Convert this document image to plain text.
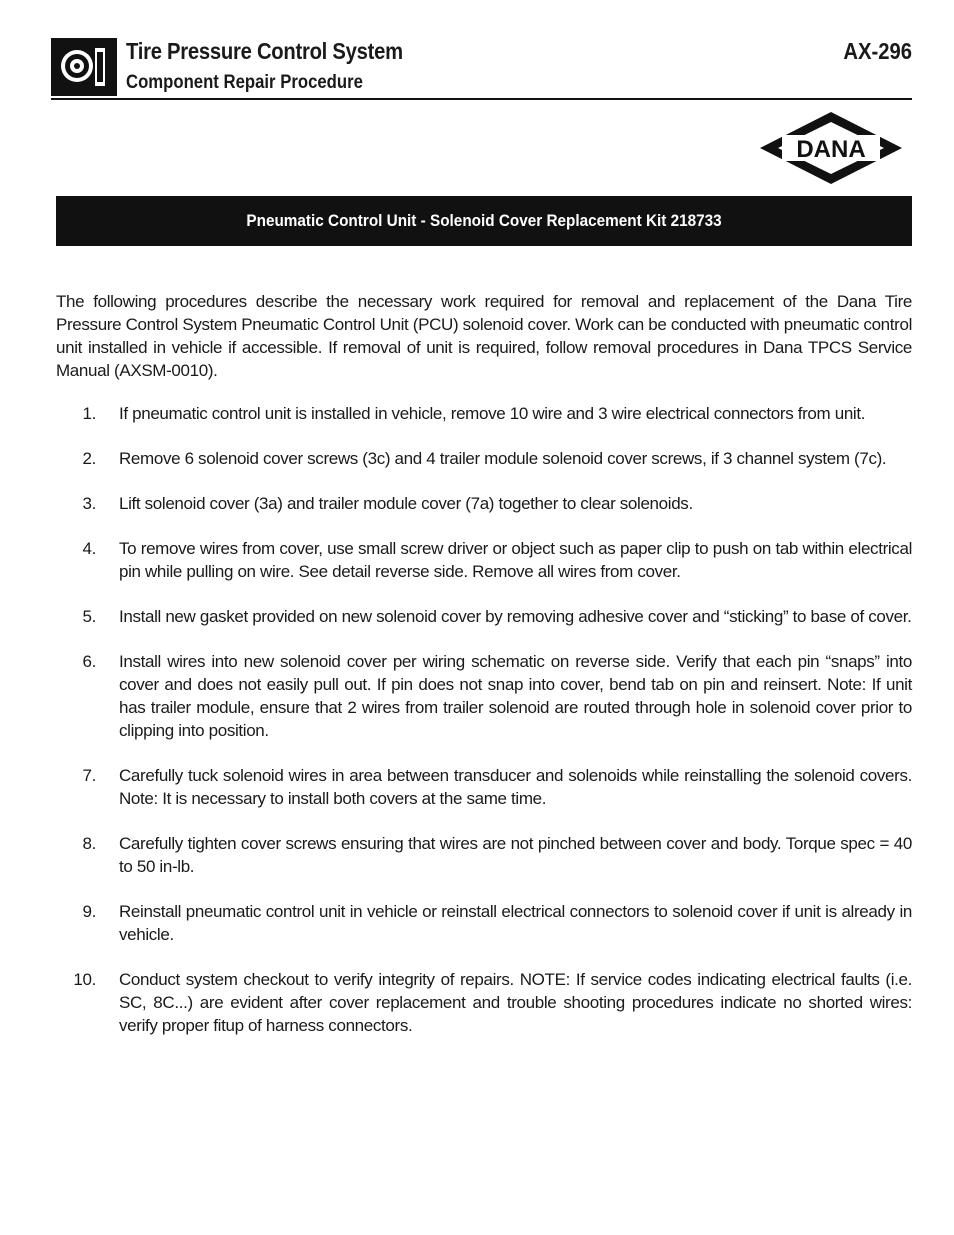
Tire Pressure Control System
Component Repair Procedure
AX-296
DANA
Pneumatic Control Unit - Solenoid Cover Replacement Kit 218733

The following procedures describe the necessary work required for removal and replacement of the Dana Tire Pressure Control System Pneumatic Control Unit (PCU) solenoid cover. Work can be conducted with pneumatic control unit installed in vehicle if accessible. If removal of unit is required, follow removal procedures in Dana TPCS Service Manual (AXSM-0010).

1. If pneumatic control unit is installed in vehicle, remove 10 wire and 3 wire electrical connectors from unit.
2. Remove 6 solenoid cover screws (3c) and 4 trailer module solenoid cover screws, if 3 channel system (7c).
3. Lift solenoid cover (3a) and trailer module cover (7a) together to clear solenoids.
4. To remove wires from cover, use small screw driver or object such as paper clip to push on tab within electrical pin while pulling on wire. See detail reverse side. Remove all wires from cover.
5. Install new gasket provided on new solenoid cover by removing adhesive cover and “sticking” to base of cover.
6. Install wires into new solenoid cover per wiring schematic on reverse side. Verify that each pin “snaps” into cover and does not easily pull out. If pin does not snap into cover, bend tab on pin and reinsert. Note: If unit has trailer module, ensure that 2 wires from trailer solenoid are routed through hole in solenoid cover prior to clipping into position.
7. Carefully tuck solenoid wires in area between transducer and solenoids while reinstalling the solenoid covers. Note: It is necessary to install both covers at the same time.
8. Carefully tighten cover screws ensuring that wires are not pinched between cover and body. Torque spec = 40 to 50 in-lb.
9. Reinstall pneumatic control unit in vehicle or reinstall electrical connectors to solenoid cover if unit is already in vehicle.
10. Conduct system checkout to verify integrity of repairs. NOTE: If service codes indicating electrical faults (i.e. SC, 8C...) are evident after cover replacement and trouble shooting procedures indicate no shorted wires: verify proper fitup of harness connectors.
